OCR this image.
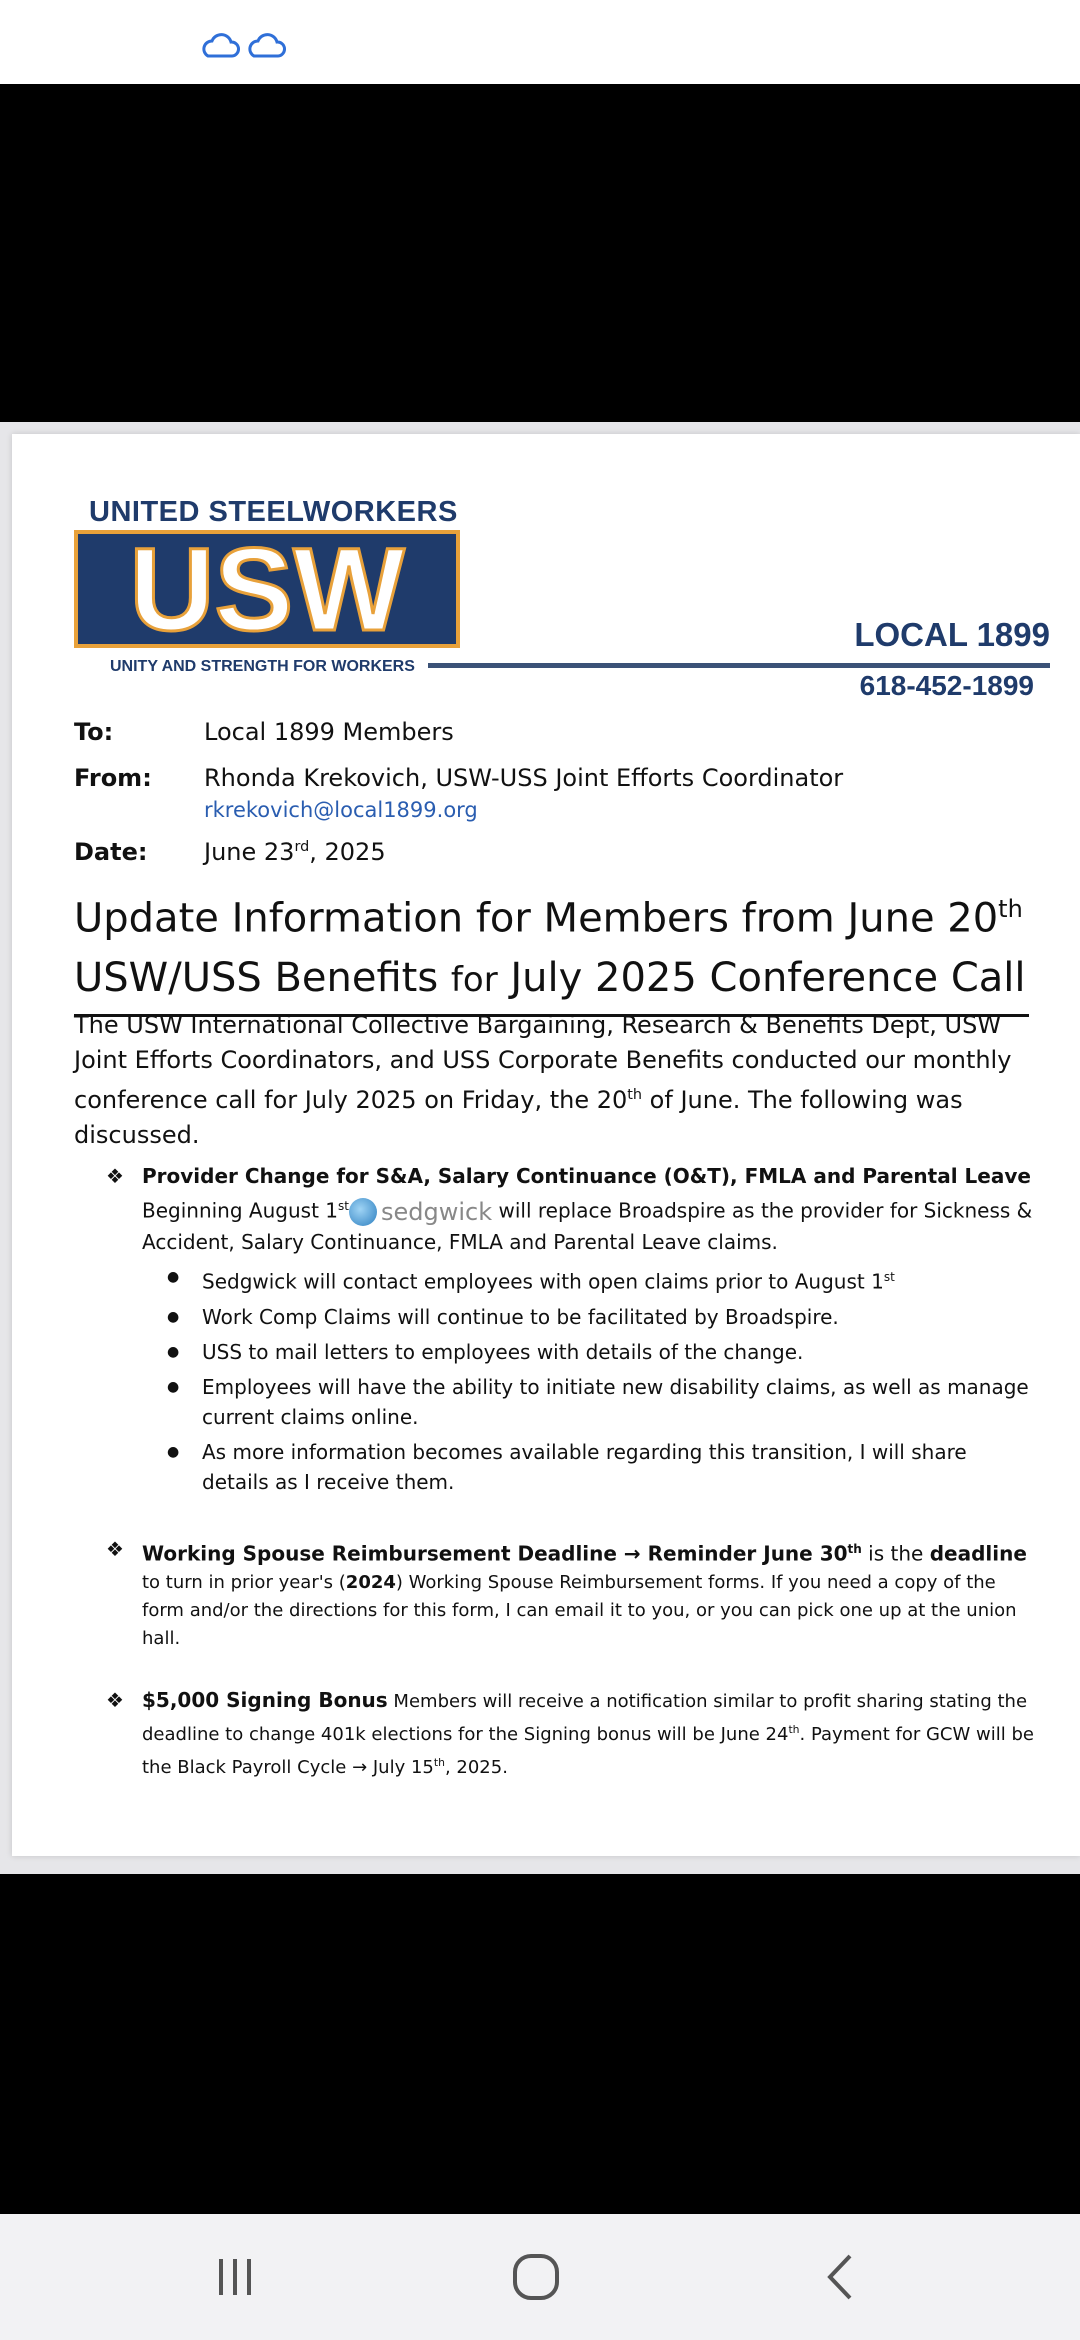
UNITED STEELWORKERS
USW
UNITY AND STRENGTH FOR WORKERS
LOCAL 1899
618-452-1899
To:	Local 1899 Members
From: Rhonda Krekovich, USW-USS Joint Efforts Coordinator
rkrekovich@local1899.org
Date: June 23rd, 2025
Update Information for Members from June 20th
USW/USS Benefits for July 2025 Conference Call
The USW International Collective Bargaining, Research & Benefits Dept, USW Joint Efforts Coordinators, and USS Corporate Benefits conducted our monthly conference call for July 2025 on Friday, the 20th of June. The following was discussed.
❖ Provider Change for S&A, Salary Continuance (O&T), FMLA and Parental Leave
Beginning August 1st sedgwick will replace Broadspire as the provider for Sickness & Accident, Salary Continuance, FMLA and Parental Leave claims.
● Sedgwick will contact employees with open claims prior to August 1st
● Work Comp Claims will continue to be facilitated by Broadspire.
● USS to mail letters to employees with details of the change.
● Employees will have the ability to initiate new disability claims, as well as manage current claims online.
● As more information becomes available regarding this transition, I will share details as I receive them.
❖ Working Spouse Reimbursement Deadline → Reminder June 30th is the deadline
to turn in prior year's (2024) Working Spouse Reimbursement forms. If you need a copy of the form and/or the directions for this form, I can email it to you, or you can pick one up at the union hall.
❖ $5,000 Signing Bonus Members will receive a notification similar to profit sharing stating the deadline to change 401k elections for the Signing bonus will be June 24th. Payment for GCW will be the Black Payroll Cycle → July 15th, 2025.
